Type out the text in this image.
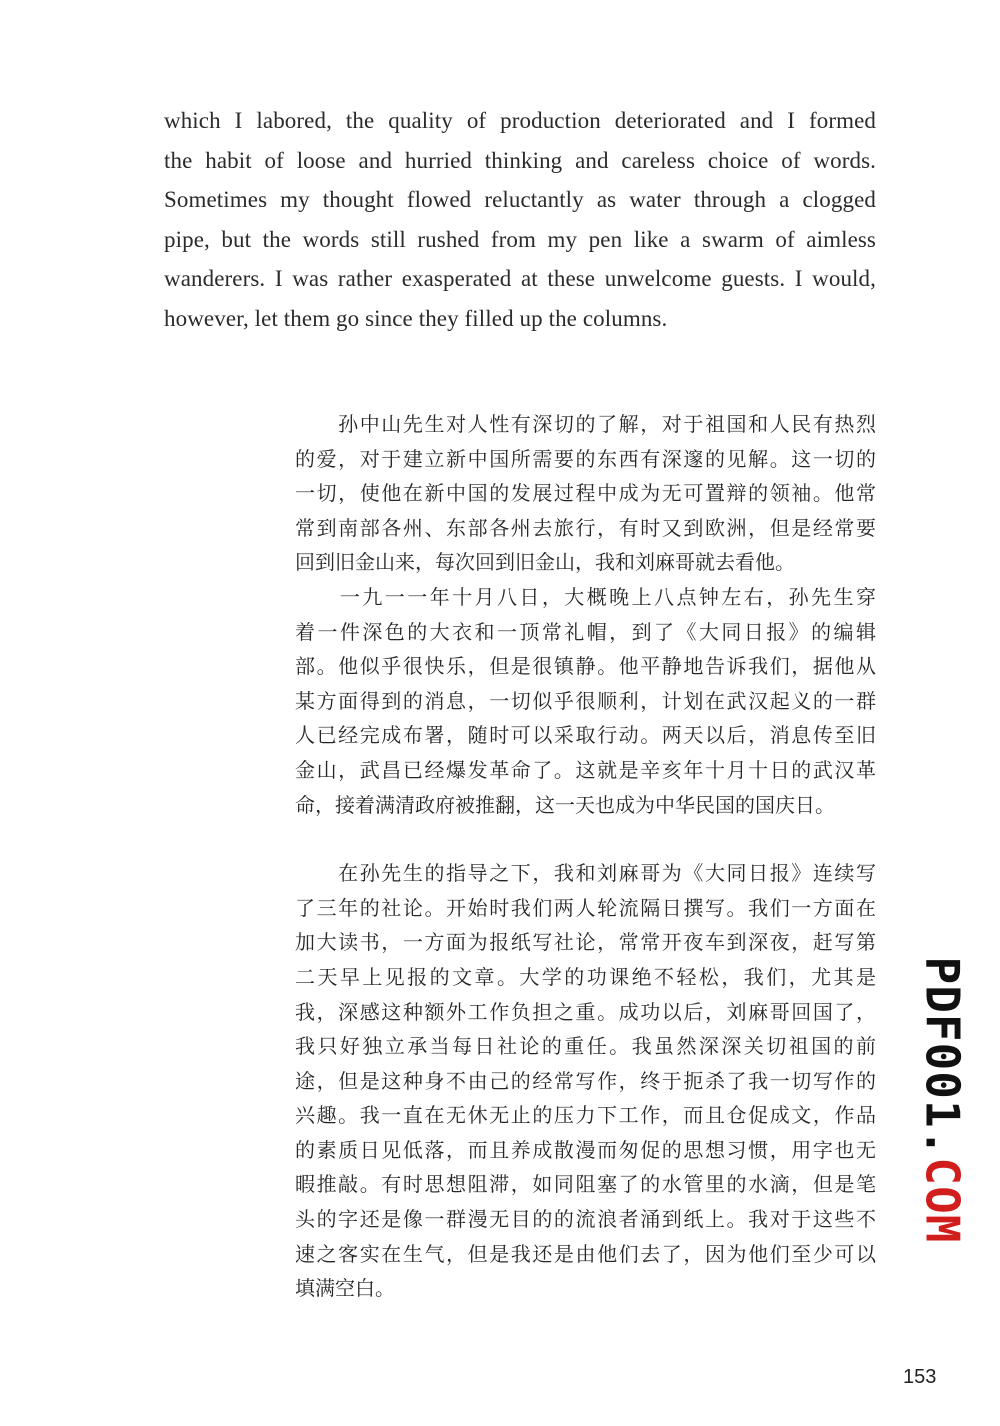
which I labored, the quality of production deteriorated and I formed
the habit of loose and hurried thinking and careless choice of words.
Sometimes my thought flowed reluctantly as water through a clogged
pipe, but the words still rushed from my pen like a swarm of aimless
wanderers. I was rather exasperated at these unwelcome guests. I would,
however, let them go since they filled up the columns.
　　孙中山先生对人性有深切的了解，对于祖国和人民有热烈
的爱，对于建立新中国所需要的东西有深邃的见解。这一切的
一切，使他在新中国的发展过程中成为无可置辩的领袖。他常
常到南部各州、东部各州去旅行，有时又到欧洲，但是经常要
回到旧金山来，每次回到旧金山，我和刘麻哥就去看他。
　　一九一一年十月八日，大概晚上八点钟左右，孙先生穿
着一件深色的大衣和一顶常礼帽，到了《大同日报》的编辑
部。他似乎很快乐，但是很镇静。他平静地告诉我们，据他从
某方面得到的消息，一切似乎很顺利，计划在武汉起义的一群
人已经完成布署，随时可以采取行动。两天以后，消息传至旧
金山，武昌已经爆发革命了。这就是辛亥年十月十日的武汉革
命，接着满清政府被推翻，这一天也成为中华民国的国庆日。
　　在孙先生的指导之下，我和刘麻哥为《大同日报》连续写
了三年的社论。开始时我们两人轮流隔日撰写。我们一方面在
加大读书，一方面为报纸写社论，常常开夜车到深夜，赶写第
二天早上见报的文章。大学的功课绝不轻松，我们，尤其是
我，深感这种额外工作负担之重。成功以后，刘麻哥回国了，
我只好独立承当每日社论的重任。我虽然深深关切祖国的前
途，但是这种身不由己的经常写作，终于扼杀了我一切写作的
兴趣。我一直在无休无止的压力下工作，而且仓促成文，作品
的素质日见低落，而且养成散漫而匆促的思想习惯，用字也无
暇推敲。有时思想阻滞，如同阻塞了的水管里的水滴，但是笔
头的字还是像一群漫无目的的流浪者涌到纸上。我对于这些不
速之客实在生气，但是我还是由他们去了，因为他们至少可以
填满空白。
PDF001.COM
153
